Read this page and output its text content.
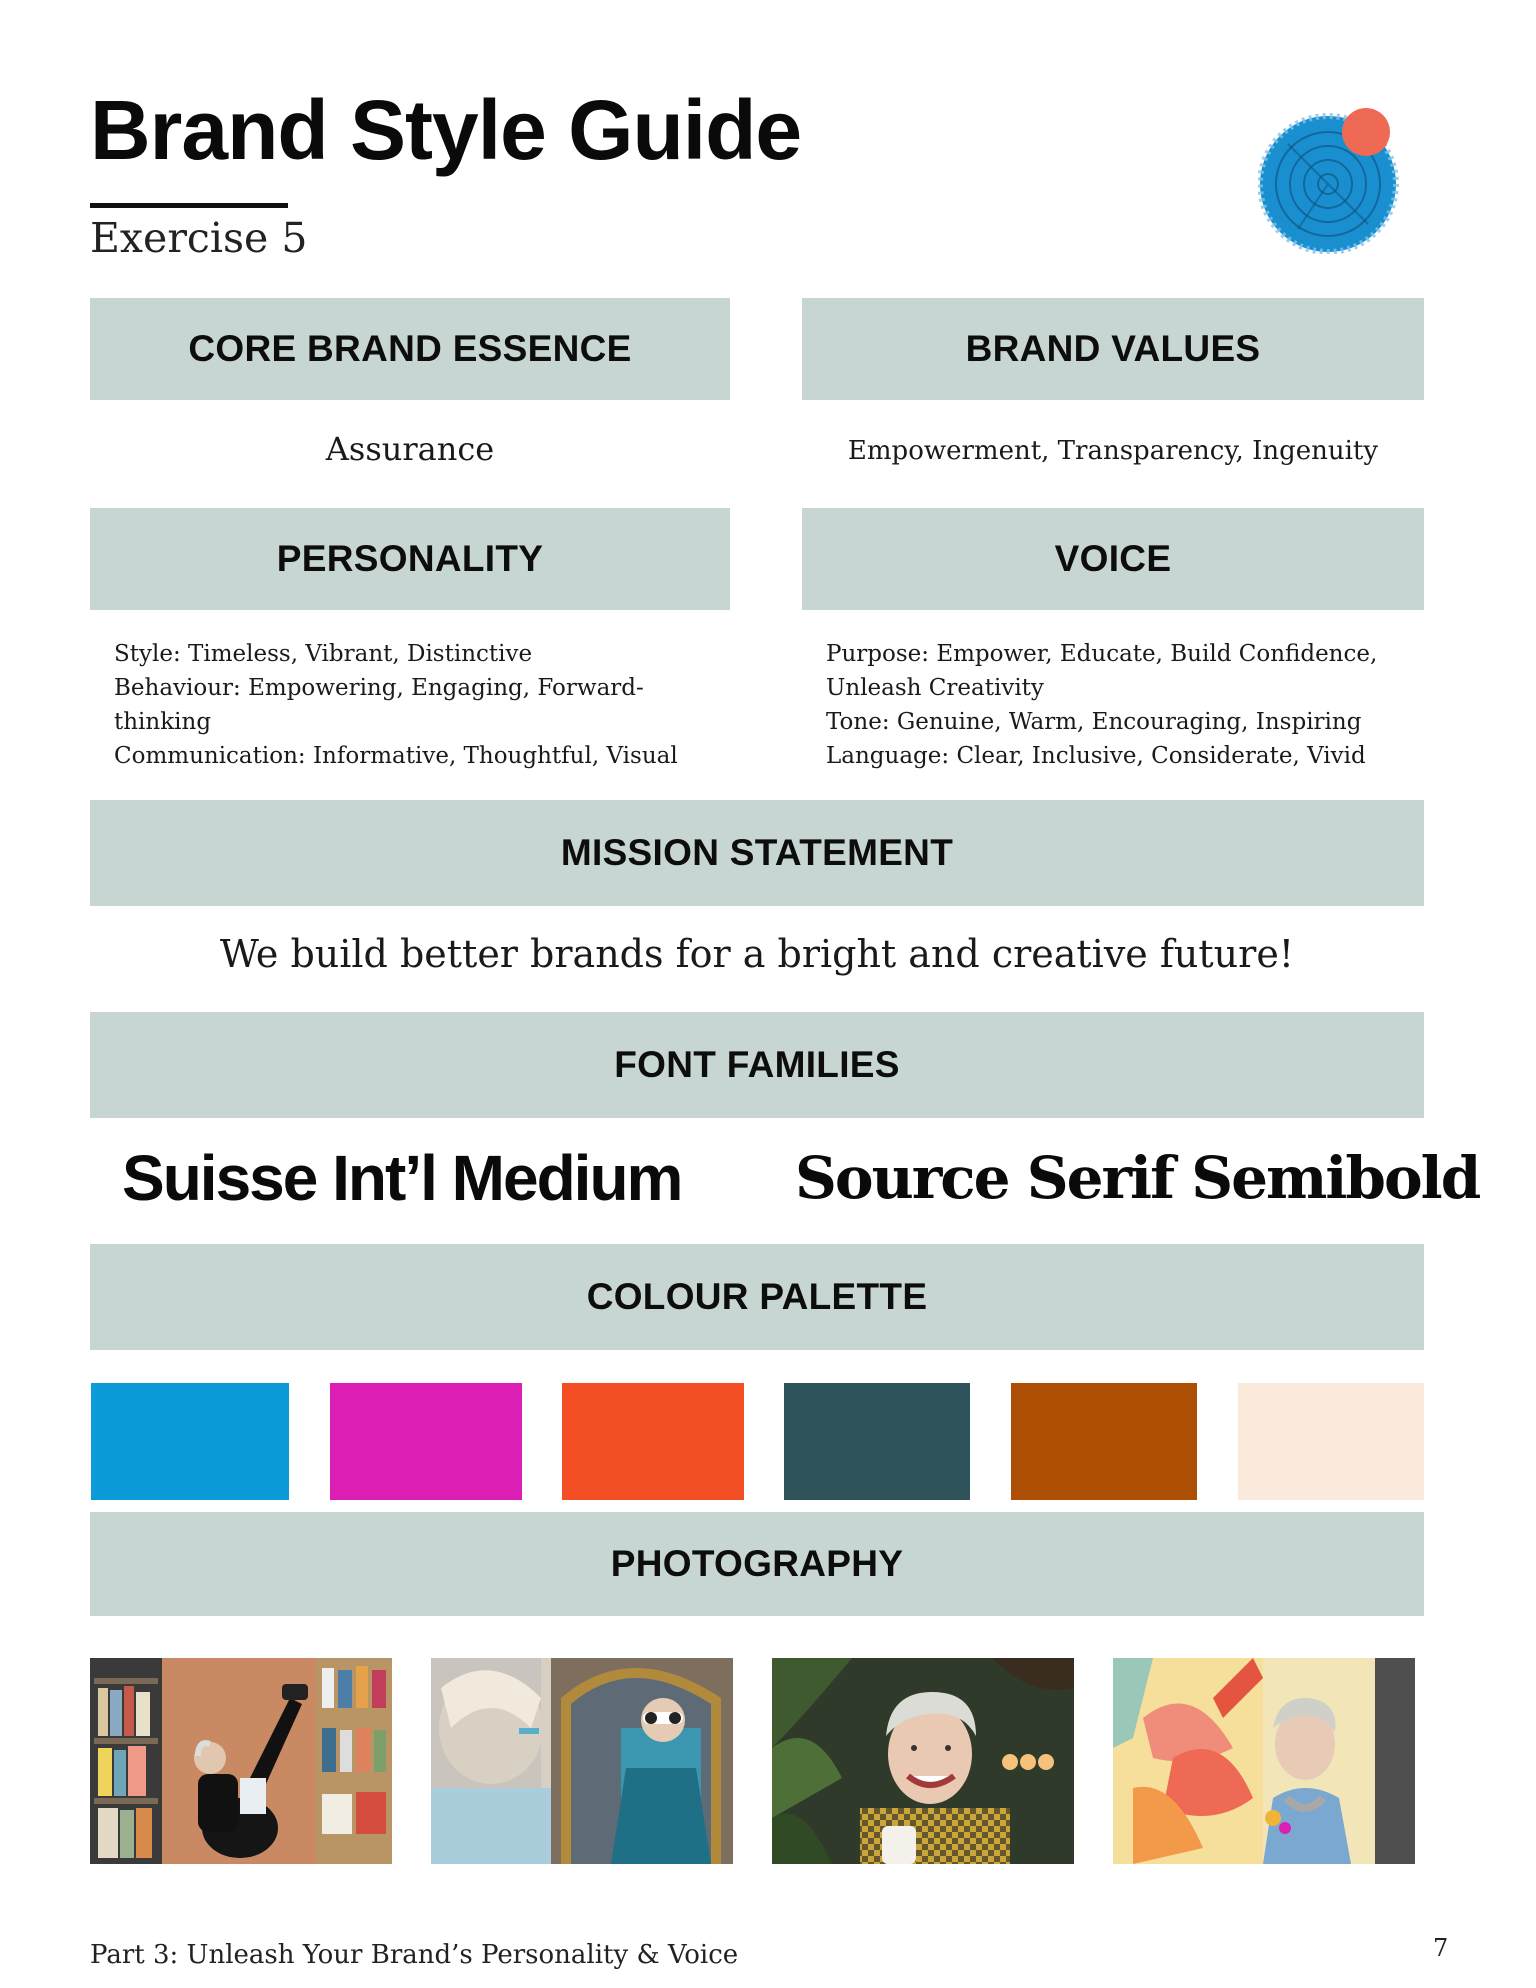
Brand Style Guide
Exercise 5
CORE BRAND ESSENCE
Assurance
BRAND VALUES
Empowerment, Transparency, Ingenuity
PERSONALITY
Style: Timeless, Vibrant, Distinctive
Behaviour: Empowering, Engaging, Forward-
thinking
Communication: Informative, Thoughtful, Visual
VOICE
Purpose: Empower, Educate, Build Confidence,
Unleash Creativity
Tone: Genuine, Warm, Encouraging, Inspiring
Language: Clear, Inclusive, Considerate, Vivid
MISSION STATEMENT
We build better brands for a bright and creative future!
FONT FAMILIES
Suisse Int’l Medium Source Serif Semibold
COLOUR PALETTE
PHOTOGRAPHY
Part 3: Unleash Your Brand’s Personality & Voice	7
